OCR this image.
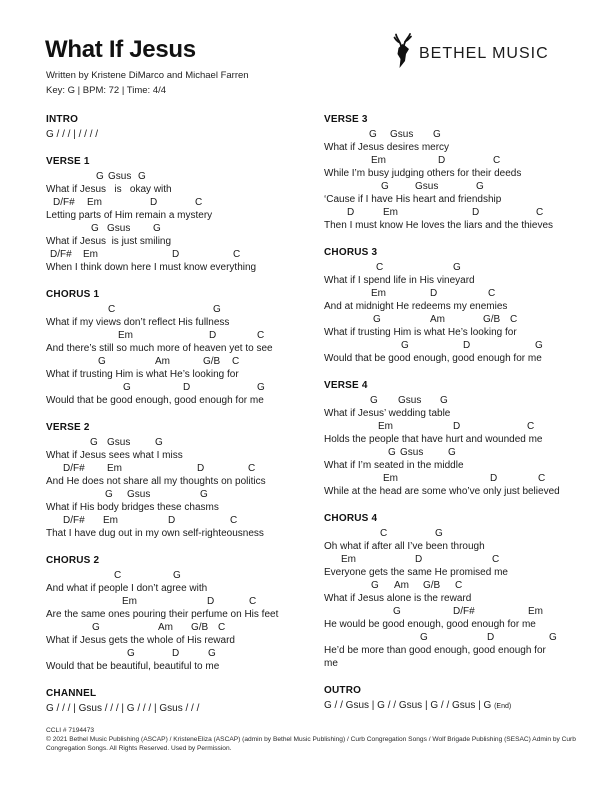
What If Jesus
Written by Kristene DiMarco and Michael Farren
Key: G | BPM: 72 | Time: 4/4
BETHEL MUSIC
INTRO
G / / / | / / / /
VERSE 1
G Gsus G
What if Jesus   is   okay with
D/F# Em	D	C
Letting parts of Him remain a mystery
G Gsus G
What if Jesus  is just smiling
D/F# Em	D	C
When I think down here I must know everything
CHORUS 1
C	G
What if my views don’t reflect His fullness
Em	D	C
And there’s still so much more of heaven yet to see
G	Am	G/B C
What if trusting Him is what He’s looking for
G	D	G
Would that be good enough, good enough for me
VERSE 2
G Gsus G
What if Jesus sees what I miss
D/F# Em	D	C
And He does not share all my thoughts on politics
G Gsus	G
What if His body bridges these chasms
D/F# Em	D	C
That I have dug out in my own self-righteousness
CHORUS 2
C	G
And what if people I don’t agree with
Em	D	C
Are the same ones pouring their perfume on His feet
G	Am G/B C
What if Jesus gets the whole of His reward
G	D	G
Would that be beautiful, beautiful to me
CHANNEL
G / / / | Gsus / / / | G / / / | Gsus / / /
VERSE 3
G Gsus G
What if Jesus desires mercy
Em	D	C
While I’m busy judging others for their deeds
G	Gsus	G
‘Cause if I have His heart and friendship
D	Em	D	C
Then I must know He loves the liars and the thieves
CHORUS 3
C	G
What if I spend life in His vineyard
Em	D	C
And at midnight He redeems my enemies
G	Am	G/B C
What if trusting Him is what He’s looking for
G	D	G
Would that be good enough, good enough for me
VERSE 4
G Gsus G
What if Jesus’ wedding table
Em	D	C
Holds the people that have hurt and wounded me
G Gsus G
What if I’m seated in the middle
Em	D	C
While at the head are some who’ve only just believed
CHORUS 4
C	G
Oh what if after all I’ve been through
Em	D	C
Everyone gets the same He promised me
G Am G/B C
What if Jesus alone is the reward
G	D/F#	Em
He would be good enough, good enough for me
G	D	G
He’d be more than good enough, good enough for
me
OUTRO
G / / Gsus | G / / Gsus | G / / Gsus | G (End)
CCLI # 7194473
© 2021 Bethel Music Publishing (ASCAP) / KristeneEliza (ASCAP) (admin by Bethel Music Publishing) / Curb Congregation Songs / Wolf Brigade Publishing (SESAC) Admin by Curb Congregation Songs. All Rights Reserved. Used by Permission.
